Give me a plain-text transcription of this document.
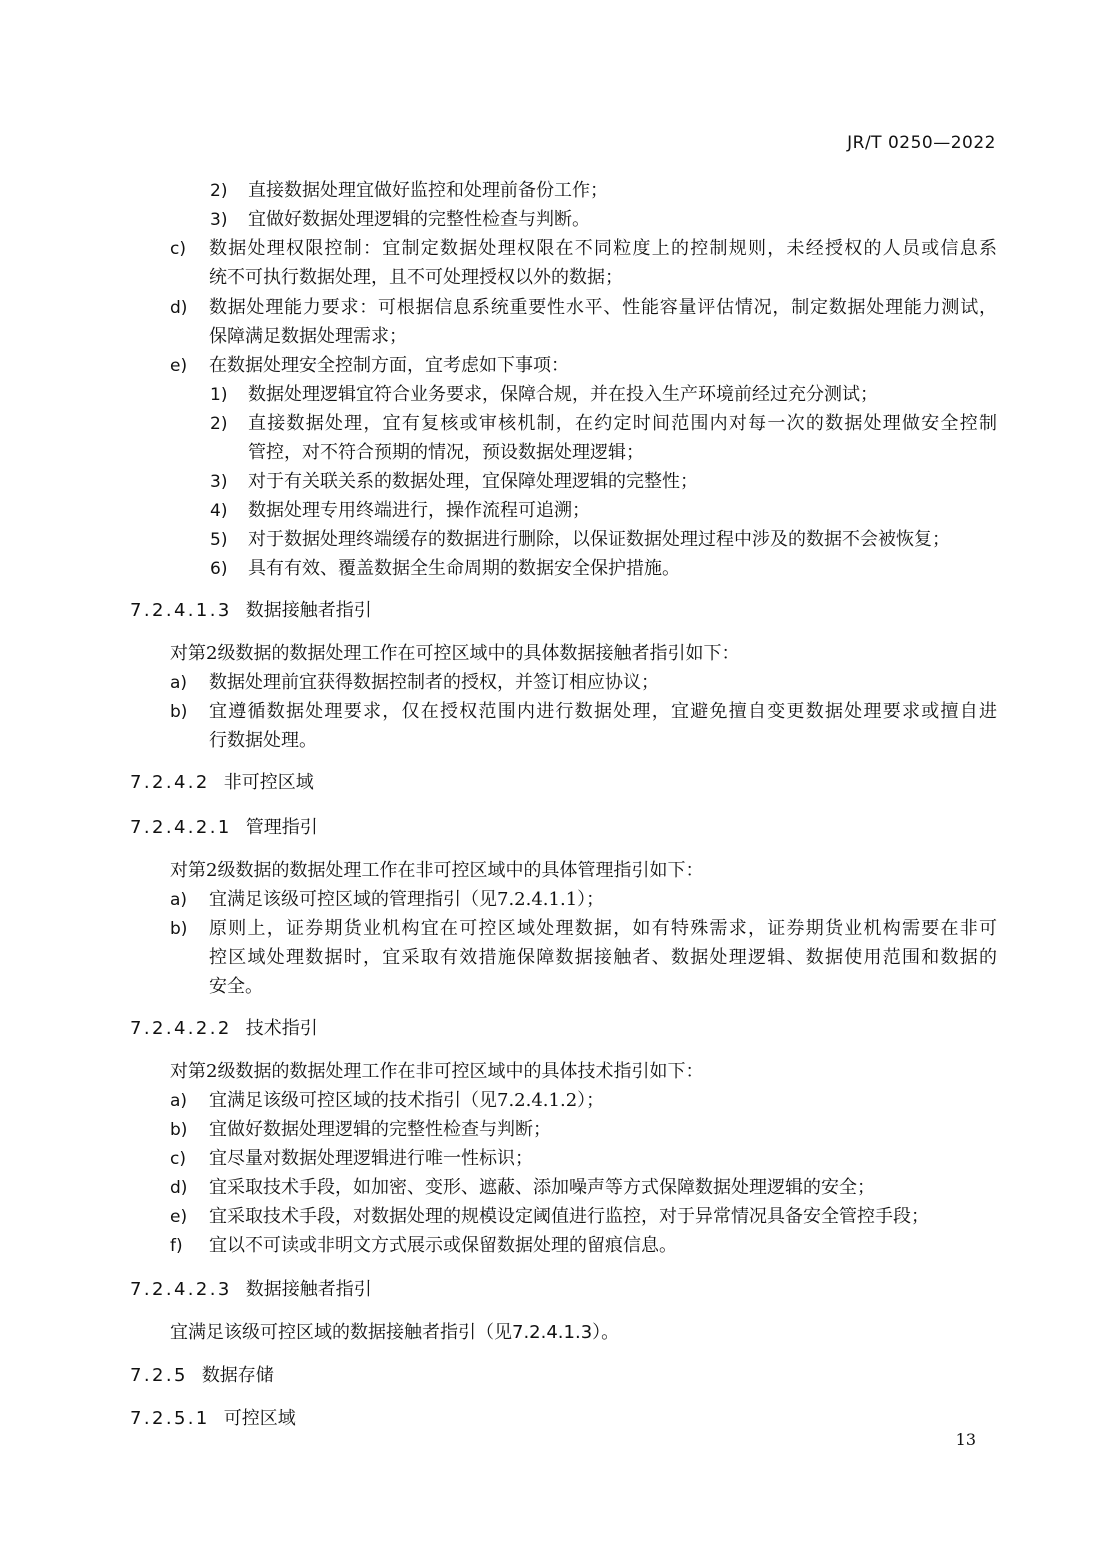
JR/T 0250—2022
2) 直接数据处理宜做好监控和处理前备份工作；
3) 宜做好数据处理逻辑的完整性检查与判断。
c) 数据处理权限控制：宜制定数据处理权限在不同粒度上的控制规则，未经授权的人员或信息系
统不可执行数据处理，且不可处理授权以外的数据；
d) 数据处理能力要求：可根据信息系统重要性水平、性能容量评估情况，制定数据处理能力测试，
保障满足数据处理需求；
e) 在数据处理安全控制方面，宜考虑如下事项：
1) 数据处理逻辑宜符合业务要求，保障合规，并在投入生产环境前经过充分测试；
2) 直接数据处理，宜有复核或审核机制，在约定时间范围内对每一次的数据处理做安全控制
管控，对不符合预期的情况，预设数据处理逻辑；
3) 对于有关联关系的数据处理，宜保障处理逻辑的完整性；
4) 数据处理专用终端进行，操作流程可追溯；
5) 对于数据处理终端缓存的数据进行删除，以保证数据处理过程中涉及的数据不会被恢复；
6) 具有有效、覆盖数据全生命周期的数据安全保护措施。
7.2.4.1.3 数据接触者指引
对第2级数据的数据处理工作在可控区域中的具体数据接触者指引如下：
a) 数据处理前宜获得数据控制者的授权，并签订相应协议；
b) 宜遵循数据处理要求，仅在授权范围内进行数据处理，宜避免擅自变更数据处理要求或擅自进
行数据处理。
7.2.4.2 非可控区域
7.2.4.2.1 管理指引
对第2级数据的数据处理工作在非可控区域中的具体管理指引如下：
a) 宜满足该级可控区域的管理指引（见7.2.4.1.1）；
b) 原则上，证券期货业机构宜在可控区域处理数据，如有特殊需求，证券期货业机构需要在非可
控区域处理数据时，宜采取有效措施保障数据接触者、数据处理逻辑、数据使用范围和数据的
安全。
7.2.4.2.2 技术指引
对第2级数据的数据处理工作在非可控区域中的具体技术指引如下：
a) 宜满足该级可控区域的技术指引（见7.2.4.1.2）；
b) 宜做好数据处理逻辑的完整性检查与判断；
c) 宜尽量对数据处理逻辑进行唯一性标识；
d) 宜采取技术手段，如加密、变形、遮蔽、添加噪声等方式保障数据处理逻辑的安全；
e) 宜采取技术手段，对数据处理的规模设定阈值进行监控，对于异常情况具备安全管控手段；
f) 宜以不可读或非明文方式展示或保留数据处理的留痕信息。
7.2.4.2.3 数据接触者指引
宜满足该级可控区域的数据接触者指引（见7.2.4.1.3）。
7.2.5 数据存储
7.2.5.1 可控区域
13
